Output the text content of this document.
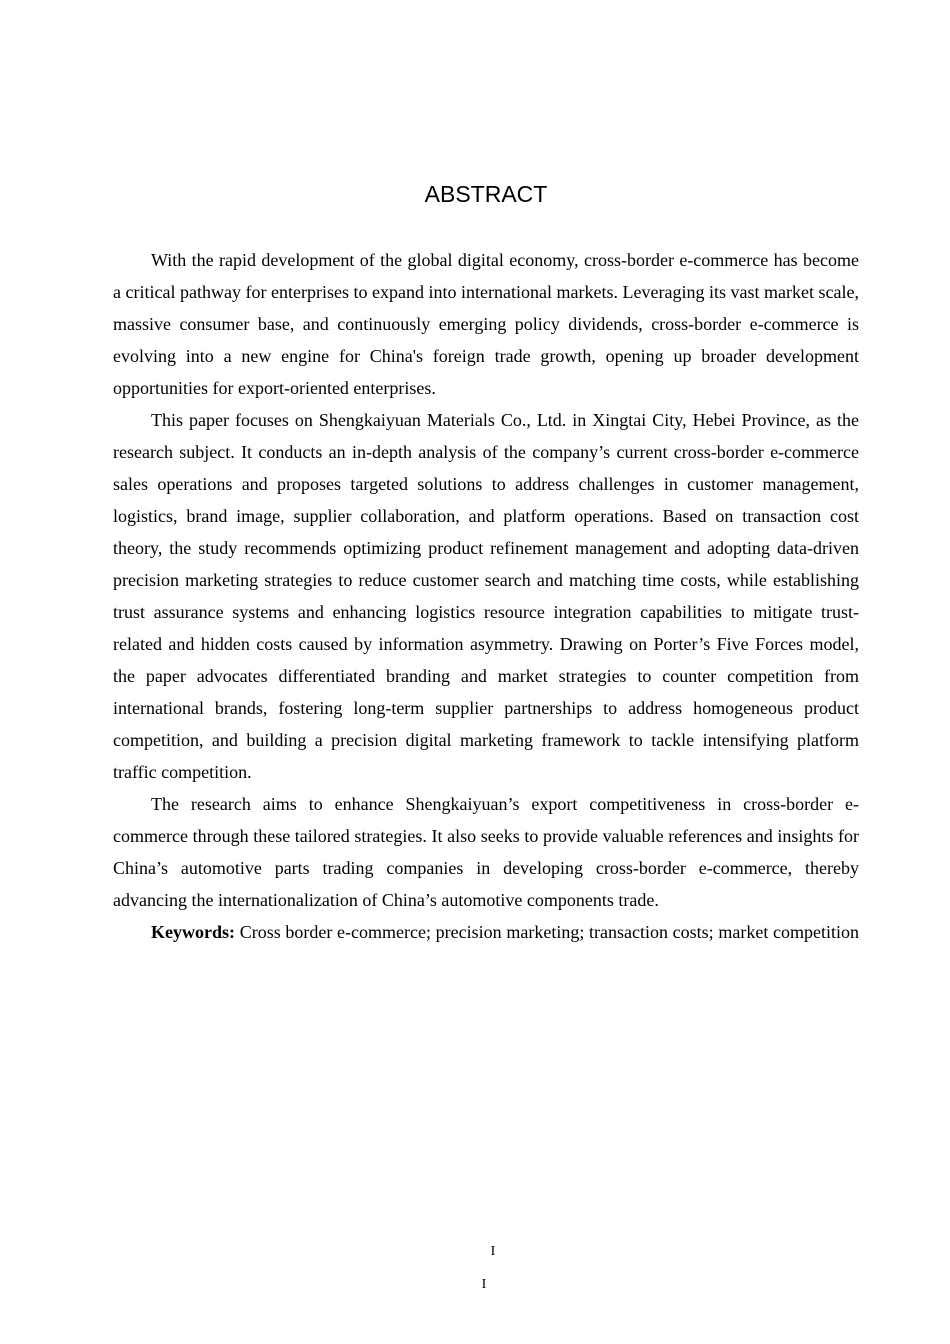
ABSTRACT

With the rapid development of the global digital economy, cross-border e-commerce has become a critical pathway for enterprises to expand into international markets. Leveraging its vast market scale, massive consumer base, and continuously emerging policy dividends, cross-border e-commerce is evolving into a new engine for China's foreign trade growth, opening up broader development opportunities for export-oriented enterprises.

This paper focuses on Shengkaiyuan Materials Co., Ltd. in Xingtai City, Hebei Province, as the research subject. It conducts an in-depth analysis of the company’s current cross-border e-commerce sales operations and proposes targeted solutions to address challenges in customer management, logistics, brand image, supplier collaboration, and platform operations. Based on transaction cost theory, the study recommends optimizing product refinement management and adopting data-driven precision marketing strategies to reduce customer search and matching time costs, while establishing trust assurance systems and enhancing logistics resource integration capabilities to mitigate trust-related and hidden costs caused by information asymmetry. Drawing on Porter’s Five Forces model, the paper advocates differentiated branding and market strategies to counter competition from international brands, fostering long-term supplier partnerships to address homogeneous product competition, and building a precision digital marketing framework to tackle intensifying platform traffic competition.

The research aims to enhance Shengkaiyuan’s export competitiveness in cross-border e-commerce through these tailored strategies. It also seeks to provide valuable references and insights for China’s automotive parts trading companies in developing cross-border e-commerce, thereby advancing the internationalization of China’s automotive components trade.

Keywords: Cross border e-commerce; precision marketing; transaction costs; market competition

I
I
